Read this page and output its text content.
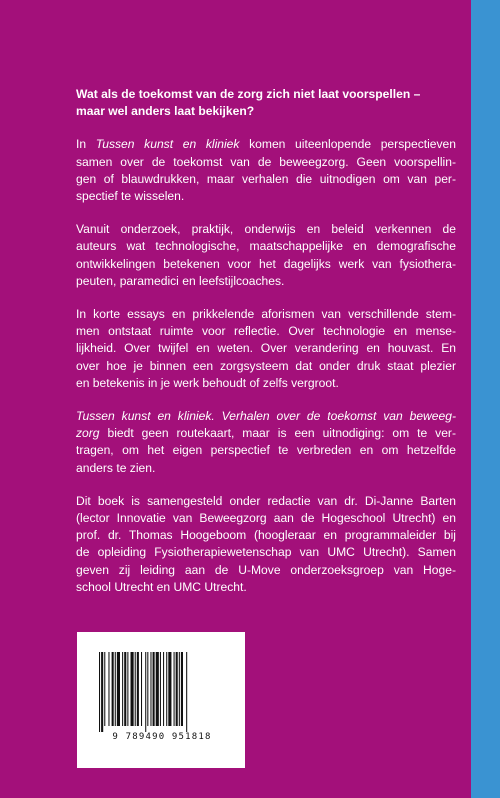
Wat als de toekomst van de zorg zich niet laat voorspellen –
maar wel anders laat bekijken?
In Tussen kunst en kliniek komen uiteenlopende perspectieven
samen over de toekomst van de beweegzorg. Geen voorspellin-
gen of blauwdrukken, maar verhalen die uitnodigen om van per-
spectief te wisselen.
Vanuit onderzoek, praktijk, onderwijs en beleid verkennen de
auteurs wat technologische, maatschappelijke en demografische
ontwikkelingen betekenen voor het dagelijks werk van fysiothera-
peuten, paramedici en leefstijlcoaches.
In korte essays en prikkelende aforismen van verschillende stem-
men ontstaat ruimte voor reflectie. Over technologie en mense-
lijkheid. Over twijfel en weten. Over verandering en houvast. En
over hoe je binnen een zorgsysteem dat onder druk staat plezier
en betekenis in je werk behoudt of zelfs vergroot.
Tussen kunst en kliniek. Verhalen over de toekomst van beweeg-
zorg biedt geen routekaart, maar is een uitnodiging: om te ver-
tragen, om het eigen perspectief te verbreden en om hetzelfde
anders te zien.
Dit boek is samengesteld onder redactie van dr. Di-Janne Barten
(lector Innovatie van Beweegzorg aan de Hogeschool Utrecht) en
prof. dr. Thomas Hoogeboom (hoogleraar en programmaleider bij
de opleiding Fysiotherapiewetenschap van UMC Utrecht). Samen
geven zij leiding aan de U-Move onderzoeksgroep van Hoge-
school Utrecht en UMC Utrecht.
9 789490 951818
